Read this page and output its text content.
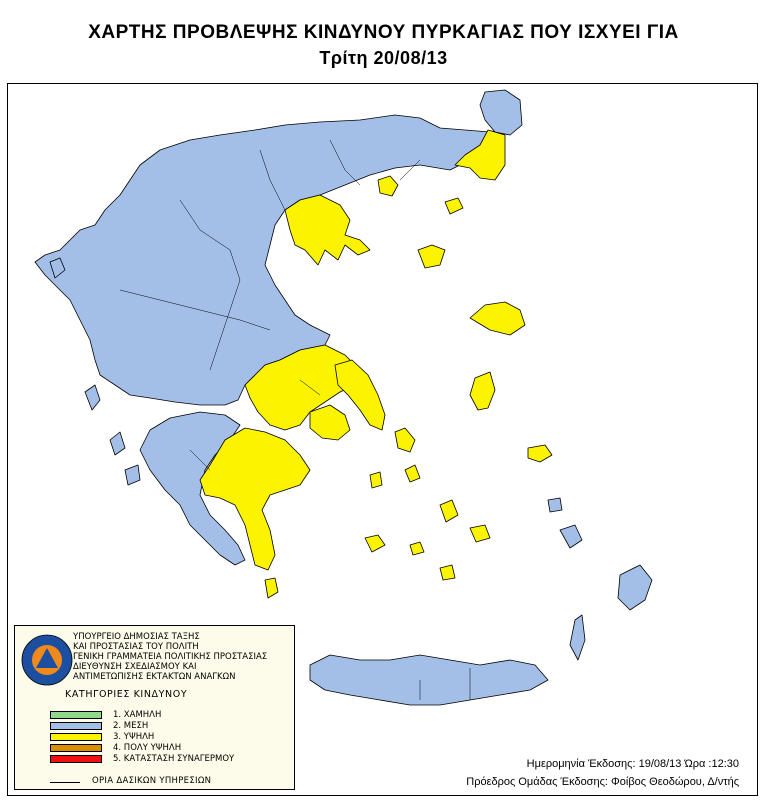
ΧΑΡΤΗΣ ΠΡΟΒΛΕΨΗΣ ΚΙΝΔΥΝΟΥ ΠΥΡΚΑΓΙΑΣ ΠΟΥ ΙΣΧΥΕΙ ΓΙΑ
Τρίτη 20/08/13
ΥΠΟΥΡΓΕΙΟ ΔΗΜΟΣΙΑΣ ΤΑΞΗΣ
ΚΑΙ ΠΡΟΣΤΑΣΙΑΣ ΤΟΥ ΠΟΛΙΤΗ
ΓΕΝΙΚΗ ΓΡΑΜΜΑΤΕΙΑ ΠΟΛΙΤΙΚΗΣ ΠΡΟΣΤΑΣΙΑΣ
ΔΙΕΥΘΥΝΣΗ ΣΧΕΔΙΑΣΜΟΥ ΚΑΙ
ΑΝΤΙΜΕΤΩΠΙΣΗΣ ΕΚΤΑΚΤΩΝ ΑΝΑΓΚΩΝ
ΚΑΤΗΓΟΡΙΕΣ ΚΙΝΔΥΝΟΥ
1. ΧΑΜΗΛΗ
2. ΜΕΣΗ
3. ΥΨΗΛΗ
4. ΠΟΛΥ ΥΨΗΛΗ
5. ΚΑΤΑΣΤΑΣΗ ΣΥΝΑΓΕΡΜΟΥ
ΟΡΙΑ ΔΑΣΙΚΩΝ ΥΠΗΡΕΣΙΩΝ
Ημερομηνία Έκδοσης: 19/08/13 Ώρα :12:30
Πρόεδρος Ομάδας Έκδοσης: Φοίβος Θεοδώρου, Δ/ντής
